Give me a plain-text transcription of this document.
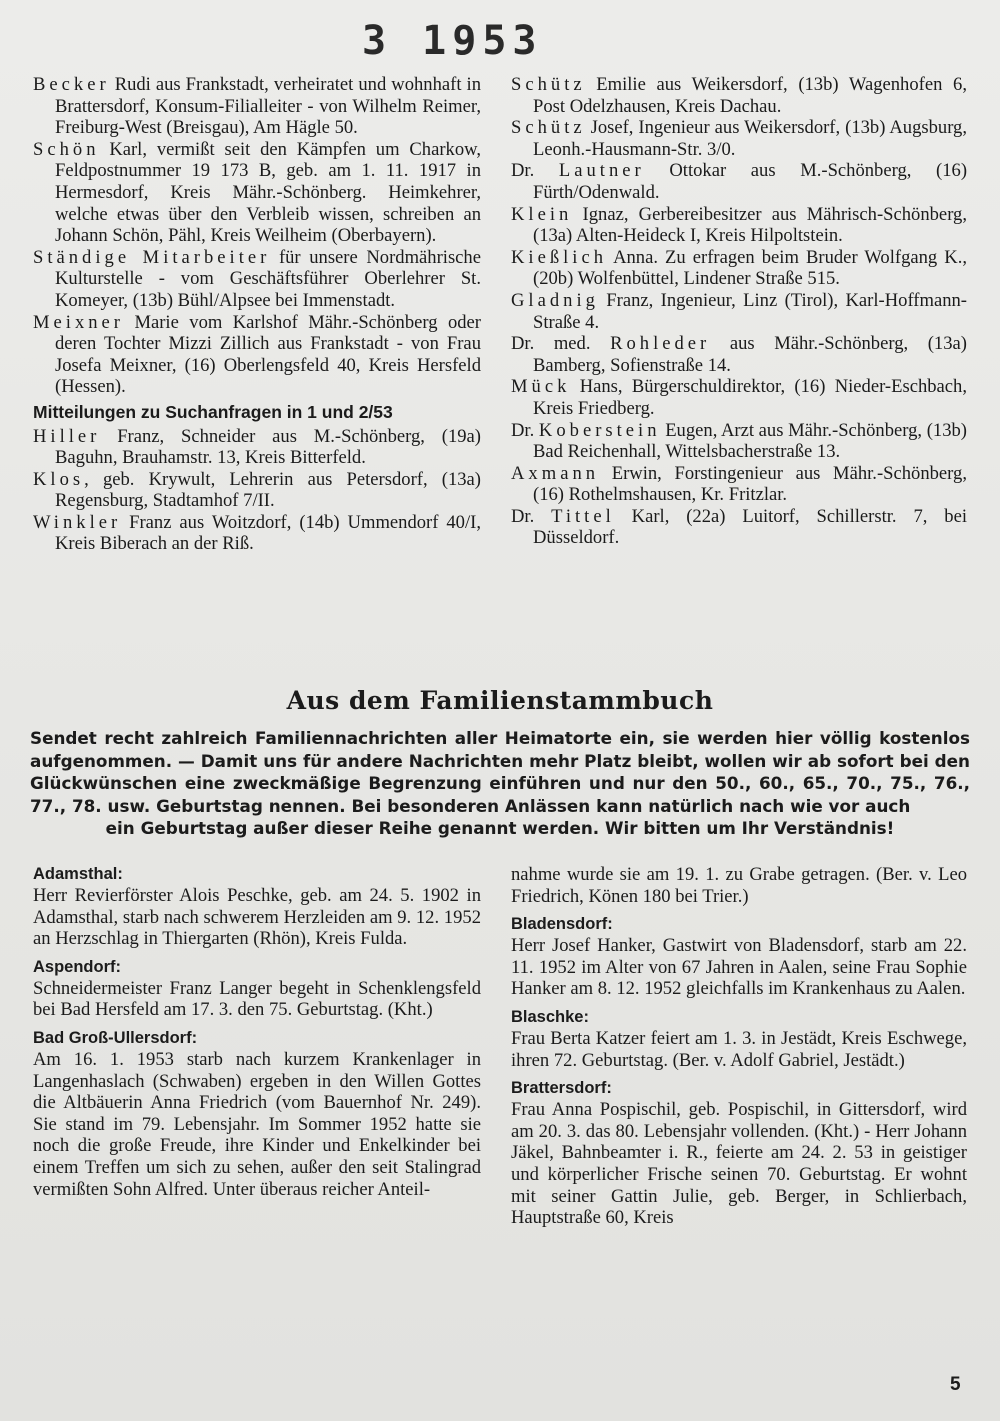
3 1953

Becker Rudi aus Frankstadt, verheiratet und wohnhaft in Brattersdorf, Konsum-Filialleiter - von Wilhelm Reimer, Freiburg-West (Breisgau), Am Hägle 50.

Schön Karl, vermißt seit den Kämpfen um Charkow, Feldpostnummer 19 173 B, geb. am 1. 11. 1917 in Hermesdorf, Kreis Mähr.-Schönberg. Heimkehrer, welche etwas über den Verbleib wissen, schreiben an Johann Schön, Pähl, Kreis Weilheim (Oberbayern).

Ständige Mitarbeiter für unsere Nordmährische Kulturstelle - vom Geschäftsführer Oberlehrer St. Komeyer, (13b) Bühl/Alpsee bei Immenstadt.

Meixner Marie vom Karlshof Mähr.-Schönberg oder deren Tochter Mizzi Zillich aus Frankstadt - von Frau Josefa Meixner, (16) Oberlengsfeld 40, Kreis Hersfeld (Hessen).

Mitteilungen zu Suchanfragen in 1 und 2/53

Hiller Franz, Schneider aus M.-Schönberg, (19a) Baguhn, Brauhamstr. 13, Kreis Bitterfeld.

Klos, geb. Krywult, Lehrerin aus Petersdorf, (13a) Regensburg, Stadtamhof 7/II.

Winkler Franz aus Woitzdorf, (14b) Ummendorf 40/I, Kreis Biberach an der Riß.

Schütz Emilie aus Weikersdorf, (13b) Wagenhofen 6, Post Odelzhausen, Kreis Dachau.

Schütz Josef, Ingenieur aus Weikersdorf, (13b) Augsburg, Leonh.-Hausmann-Str. 3/0.

Dr. Lautner Ottokar aus M.-Schönberg, (16) Fürth/Odenwald.

Klein Ignaz, Gerbereibesitzer aus Mährisch-Schönberg, (13a) Alten-Heideck I, Kreis Hilpoltstein.

Kießlich Anna. Zu erfragen beim Bruder Wolfgang K., (20b) Wolfenbüttel, Lindener Straße 515.

Gladnig Franz, Ingenieur, Linz (Tirol), Karl-Hoffmann-Straße 4.

Dr. med. Rohleder aus Mähr.-Schönberg, (13a) Bamberg, Sofienstraße 14.

Mück Hans, Bürgerschuldirektor, (16) Nieder-Eschbach, Kreis Friedberg.

Dr. Koberstein Eugen, Arzt aus Mähr.-Schönberg, (13b) Bad Reichenhall, Wittelsbacherstraße 13.

Axmann Erwin, Forstingenieur aus Mähr.-Schönberg, (16) Rothelmshausen, Kr. Fritzlar.

Dr. Tittel Karl, (22a) Luitorf, Schillerstr. 7, bei Düsseldorf.

Aus dem Familienstammbuch
Sendet recht zahlreich Familiennachrichten aller Heimatorte ein, sie werden hier völlig kostenlos aufgenommen. — Damit uns für andere Nachrichten mehr Platz bleibt, wollen wir ab sofort bei den Glückwünschen eine zweckmäßige Begrenzung einführen und nur den 50., 60., 65., 70., 75., 76., 77., 78. usw. Geburtstag nennen. Bei besonderen Anlässen kann natürlich nach wie vor auch
ein Geburtstag außer dieser Reihe genannt werden. Wir bitten um Ihr Verständnis!

Adamsthal:
Herr Revierförster Alois Peschke, geb. am 24. 5. 1902 in Adamsthal, starb nach schwerem Herzleiden am 9. 12. 1952 an Herzschlag in Thiergarten (Rhön), Kreis Fulda.

Aspendorf:
Schneidermeister Franz Langer begeht in Schenklengsfeld bei Bad Hersfeld am 17. 3. den 75. Geburtstag. (Kht.)

Bad Groß-Ullersdorf:
Am 16. 1. 1953 starb nach kurzem Krankenlager in Langenhaslach (Schwaben) ergeben in den Willen Gottes die Altbäuerin Anna Friedrich (vom Bauernhof Nr. 249). Sie stand im 79. Lebensjahr. Im Sommer 1952 hatte sie noch die große Freude, ihre Kinder und Enkelkinder bei einem Treffen um sich zu sehen, außer den seit Stalingrad vermißten Sohn Alfred. Unter überaus reicher Anteil-

nahme wurde sie am 19. 1. zu Grabe getragen. (Ber. v. Leo Friedrich, Könen 180 bei Trier.)

Bladensdorf:
Herr Josef Hanker, Gastwirt von Bladensdorf, starb am 22. 11. 1952 im Alter von 67 Jahren in Aalen, seine Frau Sophie Hanker am 8. 12. 1952 gleichfalls im Krankenhaus zu Aalen.

Blaschke:
Frau Berta Katzer feiert am 1. 3. in Jestädt, Kreis Eschwege, ihren 72. Geburtstag. (Ber. v. Adolf Gabriel, Jestädt.)

Brattersdorf:
Frau Anna Pospischil, geb. Pospischil, in Gittersdorf, wird am 20. 3. das 80. Lebensjahr vollenden. (Kht.) - Herr Johann Jäkel, Bahnbeamter i. R., feierte am 24. 2. 53 in geistiger und körperlicher Frische seinen 70. Geburtstag. Er wohnt mit seiner Gattin Julie, geb. Berger, in Schlierbach, Hauptstraße 60, Kreis

5
